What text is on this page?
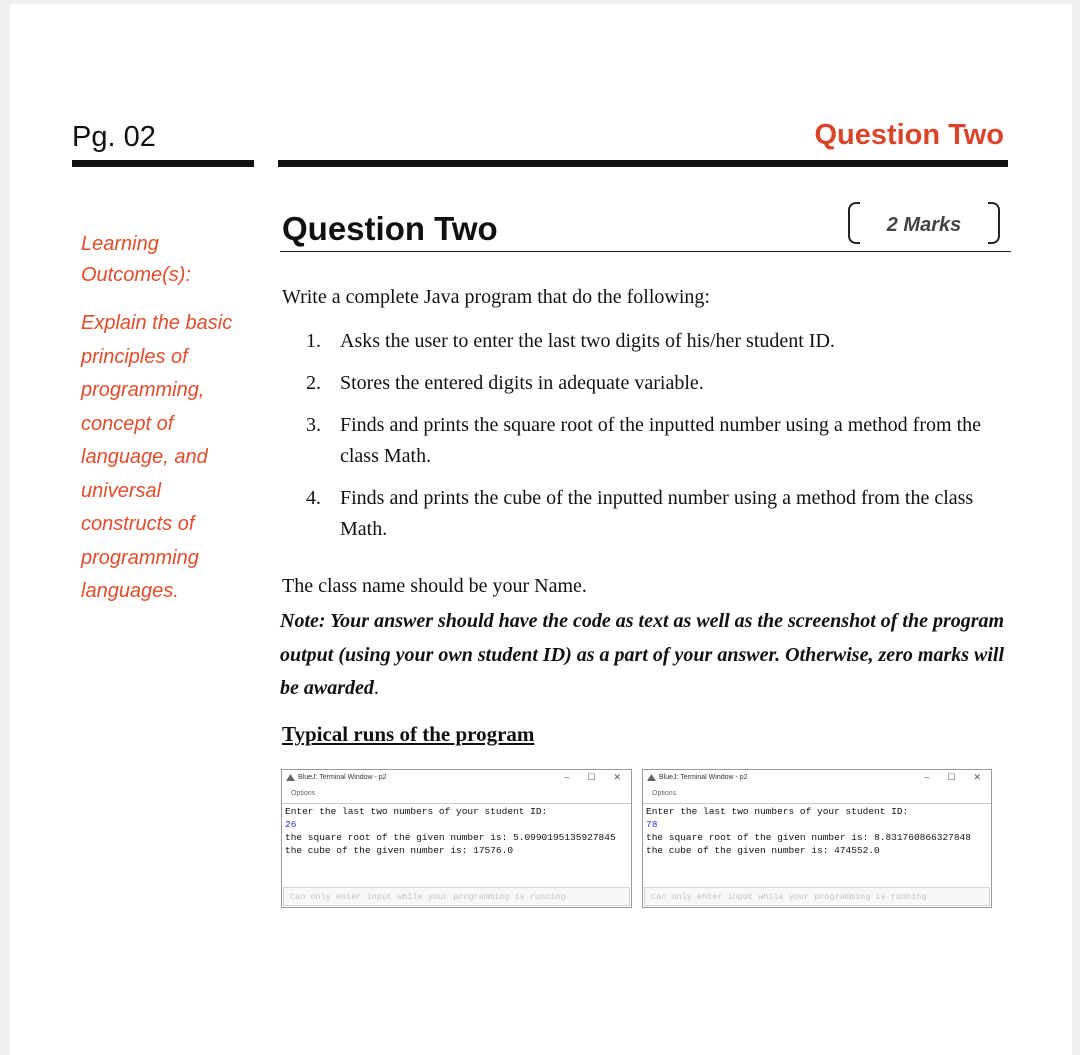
Pg. 02	Question Two
Learning Outcome(s):
Explain the basic principles of programming, concept of language, and universal constructs of programming languages.
Question Two	2 Marks
Write a complete Java program that do the following:
1. Asks the user to enter the last two digits of his/her student ID.
2. Stores the entered digits in adequate variable.
3. Finds and prints the square root of the inputted number using a method from the class Math.
4. Finds and prints the cube of the inputted number using a method from the class Math.
The class name should be your Name.
Note: Your answer should have the code as text as well as the screenshot of the program output (using your own student ID) as a part of your answer. Otherwise, zero marks will be awarded.
Typical runs of the program
BlueJ: Terminal Window - p2	– ☐ ✕
Options
Enter the last two numbers of your student ID:
26
the square root of the given number is: 5.0990195135927845
the cube of the given number is: 17576.0
Can only enter input while your programming is running
BlueJ: Terminal Window - p2	– ☐ ✕
Options
Enter the last two numbers of your student ID:
78
the square root of the given number is: 8.831760866327848
the cube of the given number is: 474552.0
Can only enter input while your programming is running
